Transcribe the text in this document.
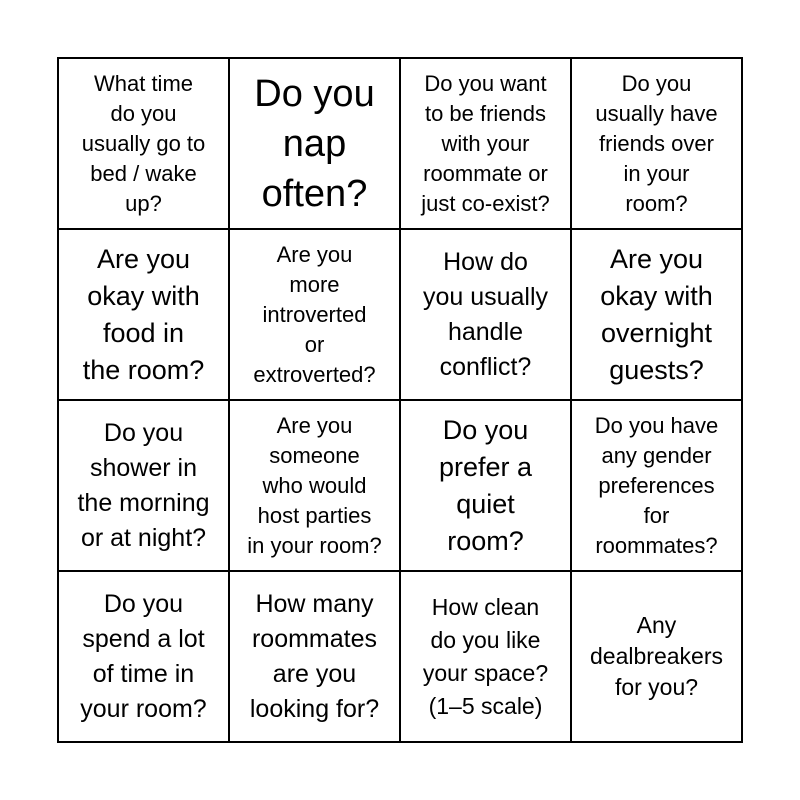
What time
do you
usually go to
bed / wake
up?
Do you
nap
often?
Do you want
to be friends
with your
roommate or
just co-exist?
Do you
usually have
friends over
in your
room?
Are you
okay with
food in
the room?
Are you
more
introverted
or
extroverted?
How do
you usually
handle
conflict?
Are you
okay with
overnight
guests?
Do you
shower in
the morning
or at night?
Are you
someone
who would
host parties
in your room?
Do you
prefer a
quiet
room?
Do you have
any gender
preferences
for
roommates?
Do you
spend a lot
of time in
your room?
How many
roommates
are you
looking for?
How clean
do you like
your space?
(1–5 scale)
Any
dealbreakers
for you?
